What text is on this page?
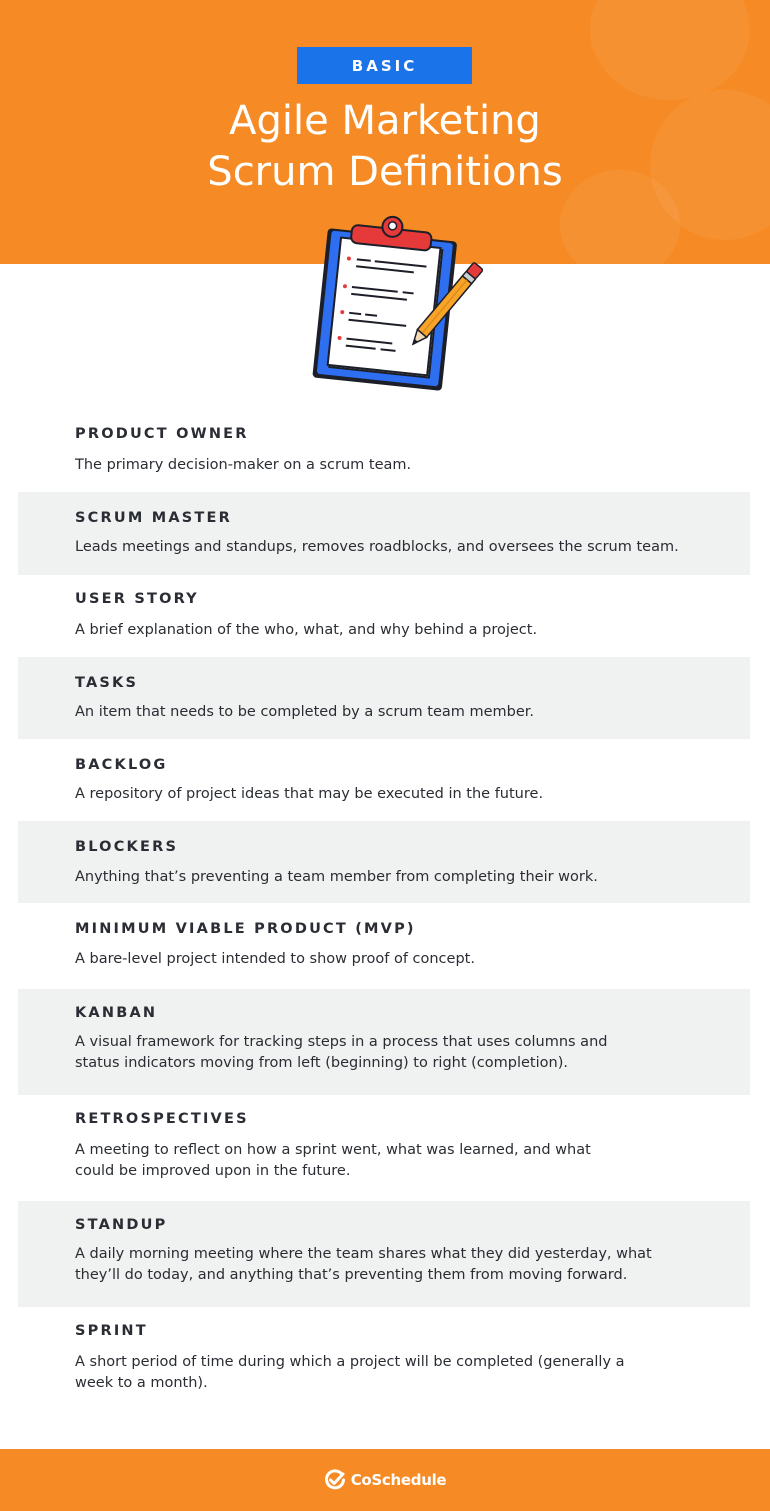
BASIC
Agile Marketing
Scrum Definitions
PRODUCT OWNER
The primary decision-maker on a scrum team.
SCRUM MASTER
Leads meetings and standups, removes roadblocks, and oversees the scrum team.
USER STORY
A brief explanation of the who, what, and why behind a project.
TASKS
An item that needs to be completed by a scrum team member.
BACKLOG
A repository of project ideas that may be executed in the future.
BLOCKERS
Anything that’s preventing a team member from completing their work.
MINIMUM VIABLE PRODUCT (MVP)
A bare-level project intended to show proof of concept.
KANBAN
A visual framework for tracking steps in a process that uses columns and
status indicators moving from left (beginning) to right (completion).
RETROSPECTIVES
A meeting to reflect on how a sprint went, what was learned, and what
could be improved upon in the future.
STANDUP
A daily morning meeting where the team shares what they did yesterday, what
they’ll do today, and anything that’s preventing them from moving forward.
SPRINT
A short period of time during which a project will be completed (generally a
week to a month).
CoSchedule
